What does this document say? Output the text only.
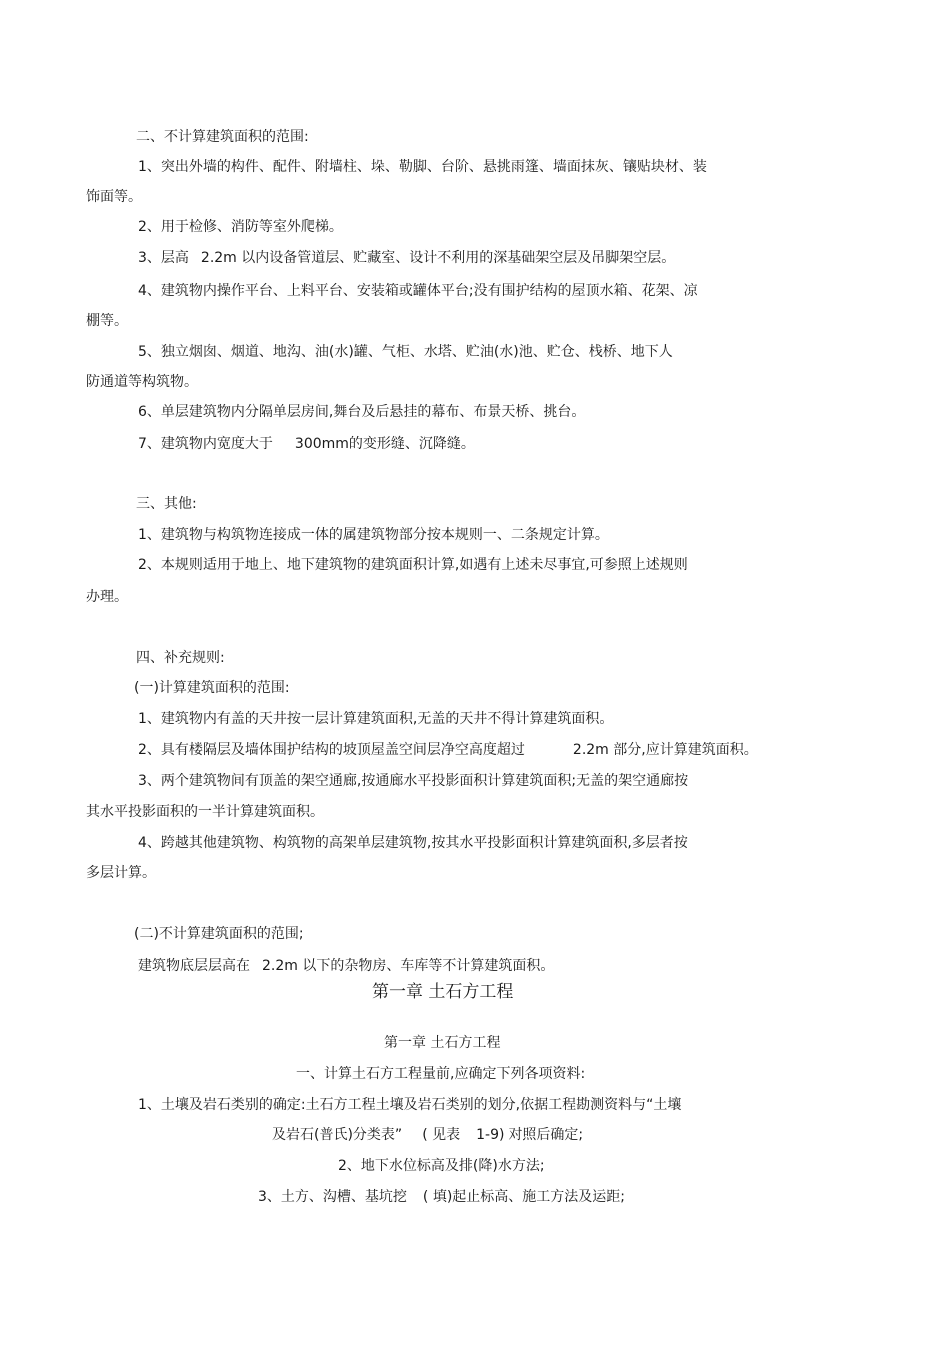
二、不计算建筑面积的范围:
1、突出外墙的构件、配件、附墙柱、垛、勒脚、台阶、悬挑雨篷、墙面抹灰、镶贴块材、装
饰面等。
2、用于检修、消防等室外爬梯。
3、层高 2.2m 以内设备管道层、贮藏室、设计不利用的深基础架空层及吊脚架空层。
4、建筑物内操作平台、上料平台、安装箱或罐体平台;没有围护结构的屋顶水箱、花架、凉
棚等。
5、独立烟囱、烟道、地沟、油(水)罐、气柜、水塔、贮油(水)池、贮仓、栈桥、地下人
防通道等构筑物。
6、单层建筑物内分隔单层房间,舞台及后悬挂的幕布、布景天桥、挑台。
7、建筑物内宽度大于 300mm的变形缝、沉降缝。
三、其他:
1、建筑物与构筑物连接成一体的属建筑物部分按本规则一、二条规定计算。
2、本规则适用于地上、地下建筑物的建筑面积计算,如遇有上述未尽事宜,可参照上述规则
办理。
四、补充规则:
(一)计算建筑面积的范围:
1、建筑物内有盖的天井按一层计算建筑面积,无盖的天井不得计算建筑面积。
2、具有楼隔层及墙体围护结构的坡顶屋盖空间层净空高度超过	2.2m 部分,应计算建筑面积。
3、两个建筑物间有顶盖的架空通廊,按通廊水平投影面积计算建筑面积;无盖的架空通廊按
其水平投影面积的一半计算建筑面积。
4、跨越其他建筑物、构筑物的高架单层建筑物,按其水平投影面积计算建筑面积,多层者按
多层计算。
(二)不计算建筑面积的范围;
建筑物底层层高在 2.2m 以下的杂物房、车库等不计算建筑面积。
第一章 土石方工程
第一章 土石方工程
一、计算土石方工程量前,应确定下列各项资料:
1、土壤及岩石类别的确定:土石方工程土壤及岩石类别的划分,依据工程勘测资料与“土壤
及岩石(普氏)分类表” ( 见表 1-9) 对照后确定;
2、地下水位标高及排(降)水方法;
3、土方、沟槽、基坑挖 ( 填)起止标高、施工方法及运距;
